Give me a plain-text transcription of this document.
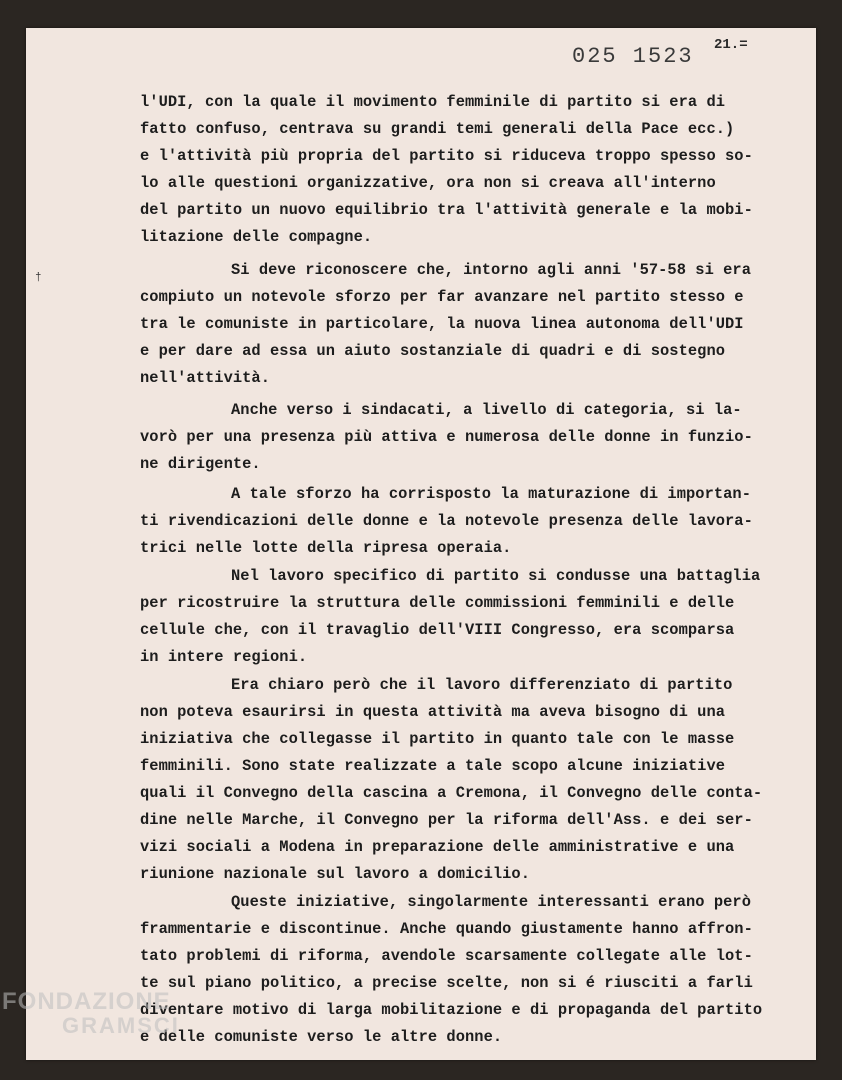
025 1523 21.=
†
l'UDI, con la quale il movimento femminile di partito si era di
fatto confuso, centrava su grandi temi generali della Pace ecc.)
e l'attività più propria del partito si riduceva troppo spesso so-
lo alle questioni organizzative, ora non si creava all'interno
del partito un nuovo equilibrio tra l'attività generale e la mobi-
litazione delle compagne.
Si deve riconoscere che, intorno agli anni '57-58 si era
compiuto un notevole sforzo per far avanzare nel partito stesso e
tra le comuniste in particolare, la nuova linea autonoma dell'UDI
e per dare ad essa un aiuto sostanziale di quadri e di sostegno
nell'attività.
Anche verso i sindacati, a livello di categoria, si la-
vorò per una presenza più attiva e numerosa delle donne in funzio-
ne dirigente.
A tale sforzo ha corrisposto la maturazione di importan-
ti rivendicazioni delle donne e la notevole presenza delle lavora-
trici nelle lotte della ripresa operaia.
Nel lavoro specifico di partito si condusse una battaglia
per ricostruire la struttura delle commissioni femminili e delle
cellule che, con il travaglio dell'VIII Congresso, era scomparsa
in intere regioni.
Era chiaro però che il lavoro differenziato di partito
non poteva esaurirsi in questa attività ma aveva bisogno di una
iniziativa che collegasse il partito in quanto tale con le masse
femminili. Sono state realizzate a tale scopo alcune iniziative
quali il Convegno della cascina a Cremona, il Convegno delle conta-
dine nelle Marche, il Convegno per la riforma dell'Ass. e dei ser-
vizi sociali a Modena in preparazione delle amministrative e una
riunione nazionale sul lavoro a domicilio.
Queste iniziative, singolarmente interessanti erano però
frammentarie e discontinue. Anche quando giustamente hanno affron-
tato problemi di riforma, avendole scarsamente collegate alle lot-
te sul piano politico, a precise scelte, non si é riusciti a farli
diventare motivo di larga mobilitazione e di propaganda del partito
e delle comuniste verso le altre donne.
FONDAZIONE
GRAMSCI
